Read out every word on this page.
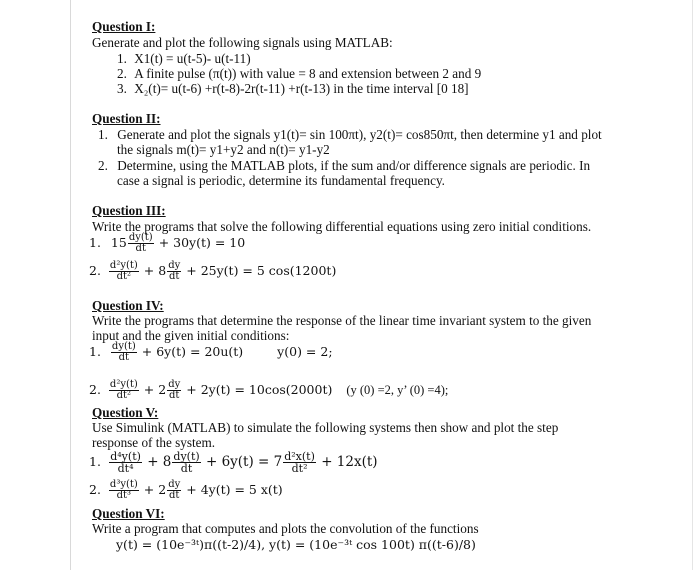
Question I:
Generate and plot the following signals using MATLAB:
1. X1(t) = u(t-5)- u(t-11)
2. A finite pulse (π(t)) with value = 8 and extension between 2 and 9
3. X₂(t)= u(t-6) +r(t-8)-2r(t-11) +r(t-13) in the time interval [0 18]
Question II:
1. Generate and plot the signals y1(t)= sin 100πt), y2(t)= cos850πt, then determine y1 and plot
the signals m(t)= y1+y2 and n(t)= y1-y2
2. Determine, using the MATLAB plots, if the sum and/or difference signals are periodic. In
case a signal is periodic, determine its fundamental frequency.
Question III:
Write the programs that solve the following differential equations using zero initial conditions.
1. $15 \frac{dy(t)}{dt} + 30y(t) = 10$
2. $\frac{\text{d²y(t)}}{\text{dt²}} + 8 \frac{dy}{dt} + 25y(t) = 5$ cos(1200t)
Question IV:
Write the programs that determine the response of the linear time invariant system to the given
input and the given initial conditions:
1. $\frac{dy(t)}{dt} + 6y(t) = 20u(t)$	y(0) = 2;
2. $\frac{\text{d²y(t)}}{\text{dt²}} + 2 \frac{dy}{dt} + 2y(t) = 10\cos(2000t)$ (y (0) =2, y’ (0) =4);
Question V:
Use Simulink (MATLAB) to simulate the following systems then show and plot the step
response of the system.
1. $\frac{\text{d⁴y(t)}}{\text{dt⁴}} + 8 \frac{dy(t)}{dt} + 6y(t) = 7 \frac{\text{d²x(t)}}{\text{dt²}} + 12x(t)$
2. $\frac{\text{d³y(t)}}{\text{dt³}} + 2 \frac{dy}{dt} + 4y(t) = 5$ x(t)
Question VI:
Write a program that computes and plots the convolution of the functions
y(t) = (10e⁻³ᵗ)π((t-2)/4), y(t) = (10e⁻³ᵗ cos 100t) π((t-6)/8)
